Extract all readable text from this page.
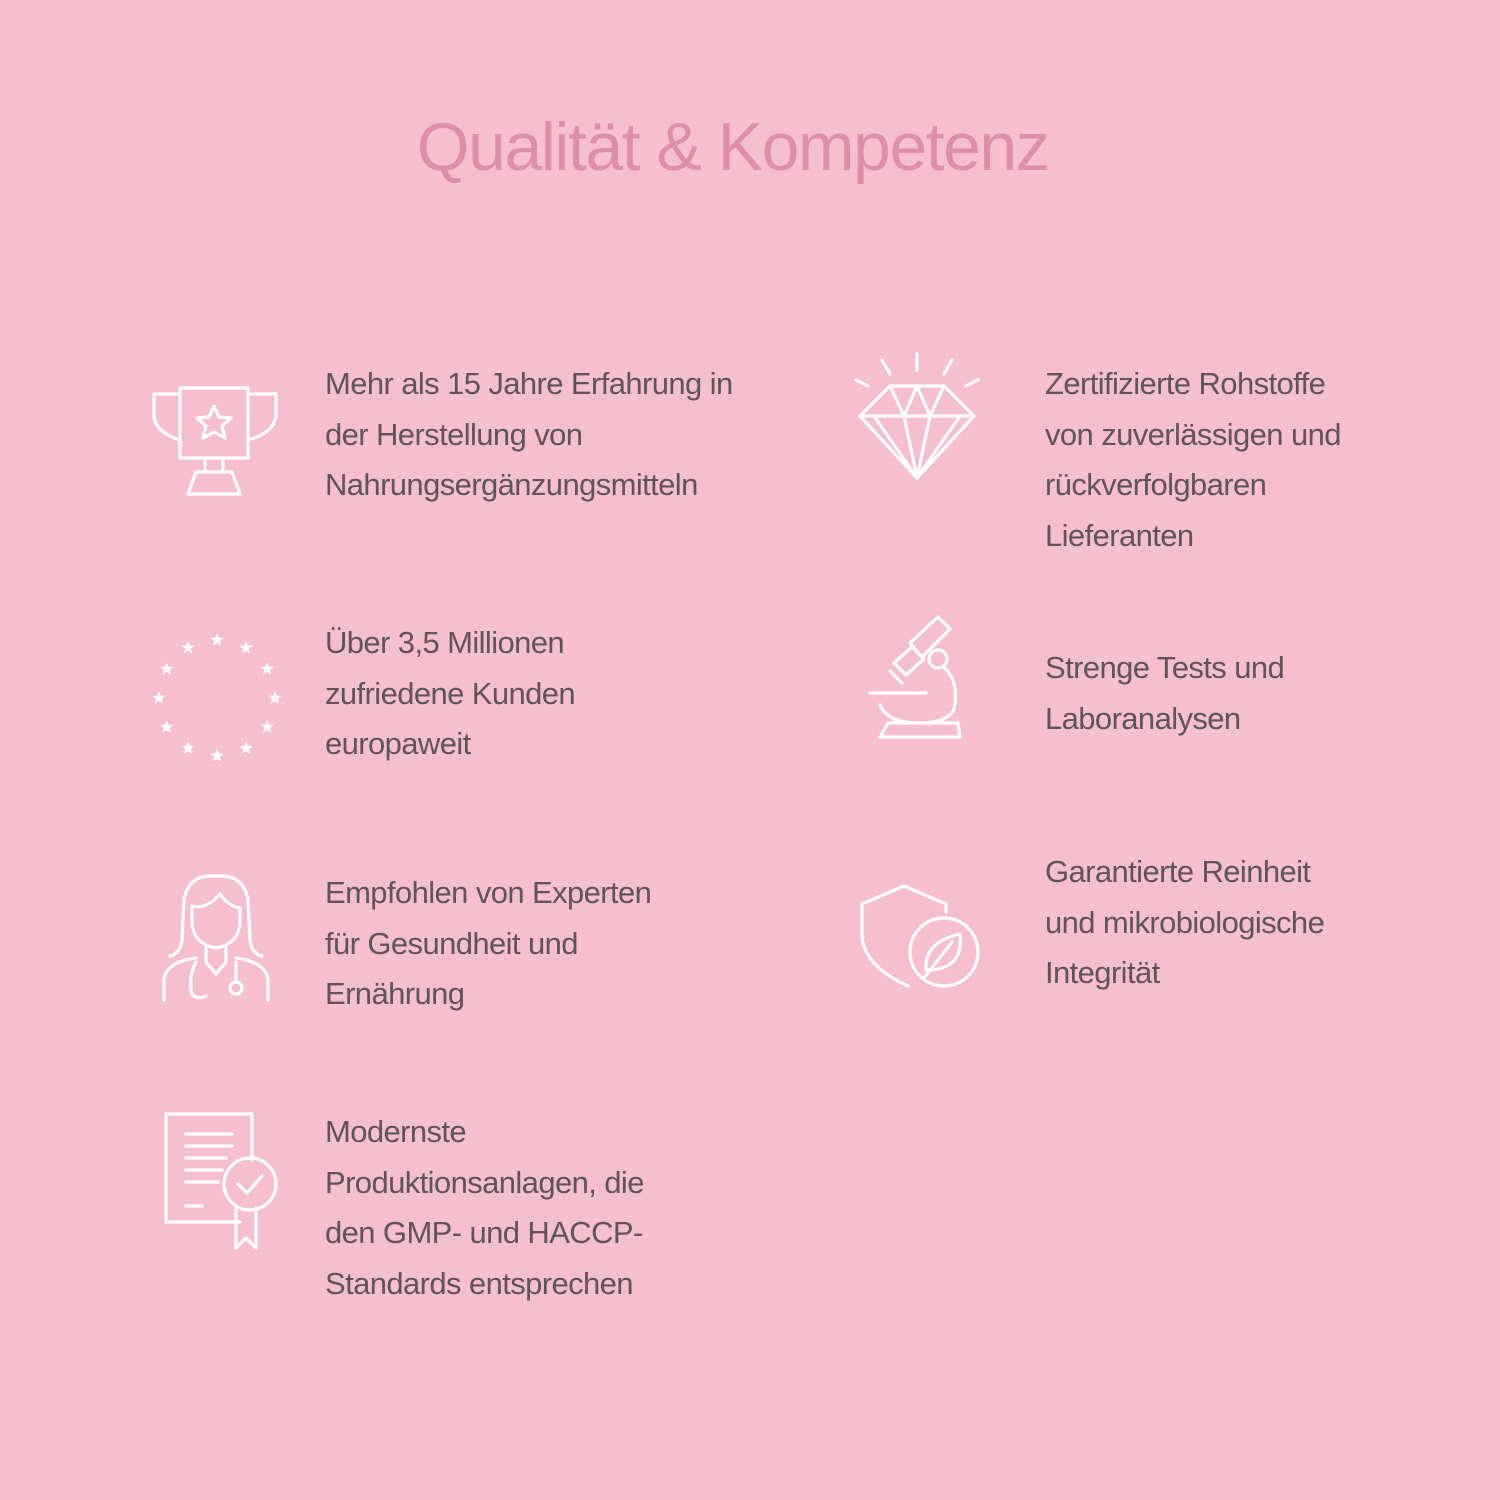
Qualität & Kompetenz

Mehr als 15 Jahre Erfahrung in
der Herstellung von
Nahrungsergänzungsmitteln

Zertifizierte Rohstoffe
von zuverlässigen und
rückverfolgbaren
Lieferanten

Über 3,5 Millionen
zufriedene Kunden
europaweit

Strenge Tests und
Laboranalysen

Empfohlen von Experten
für Gesundheit und
Ernährung

Garantierte Reinheit
und mikrobiologische
Integrität

Modernste
Produktionsanlagen, die
den GMP- und HACCP-
Standards entsprechen
